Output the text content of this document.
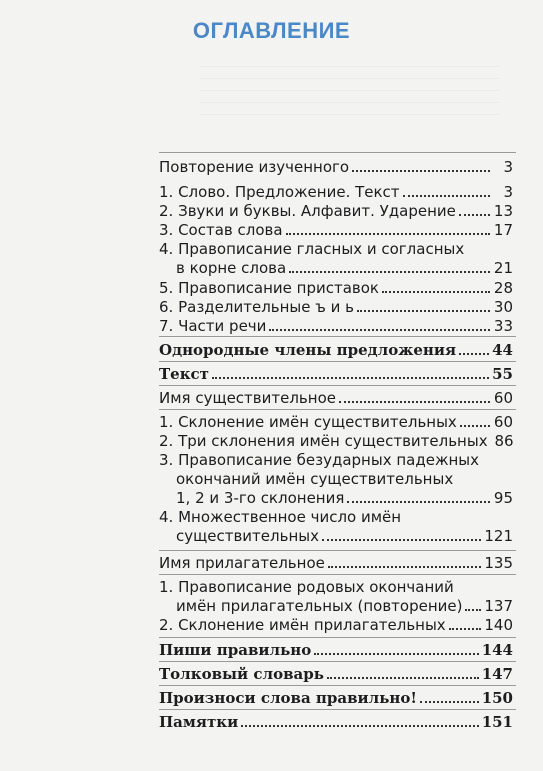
ОГЛАВЛЕНИЕ
Повторение изученного	3
1. Слово. Предложение. Текст	3
2. Звуки и буквы. Алфавит. Ударение	13
3. Состав слова	17
4. Правописание гласных и согласных
в корне слова	21
5. Правописание приставок	28
6. Разделительные ъ и ь	30
7. Части речи	33
Однородные члены предложения 44
Текст	55
Имя существительное	60
1. Склонение имён существительных 60
2. Три склонения имён существительных 86
3. Правописание безударных падежных
окончаний имён существительных
1, 2 и 3-го склонения	95
4. Множественное число имён
существительных	121
Имя прилагательное	135
1. Правописание родовых окончаний
имён прилагательных (повторение) 137
2. Склонение имён прилагательных	140
Пиши правильно	144
Толковый словарь	147
Произноси слова правильно!	150
Памятки	151
